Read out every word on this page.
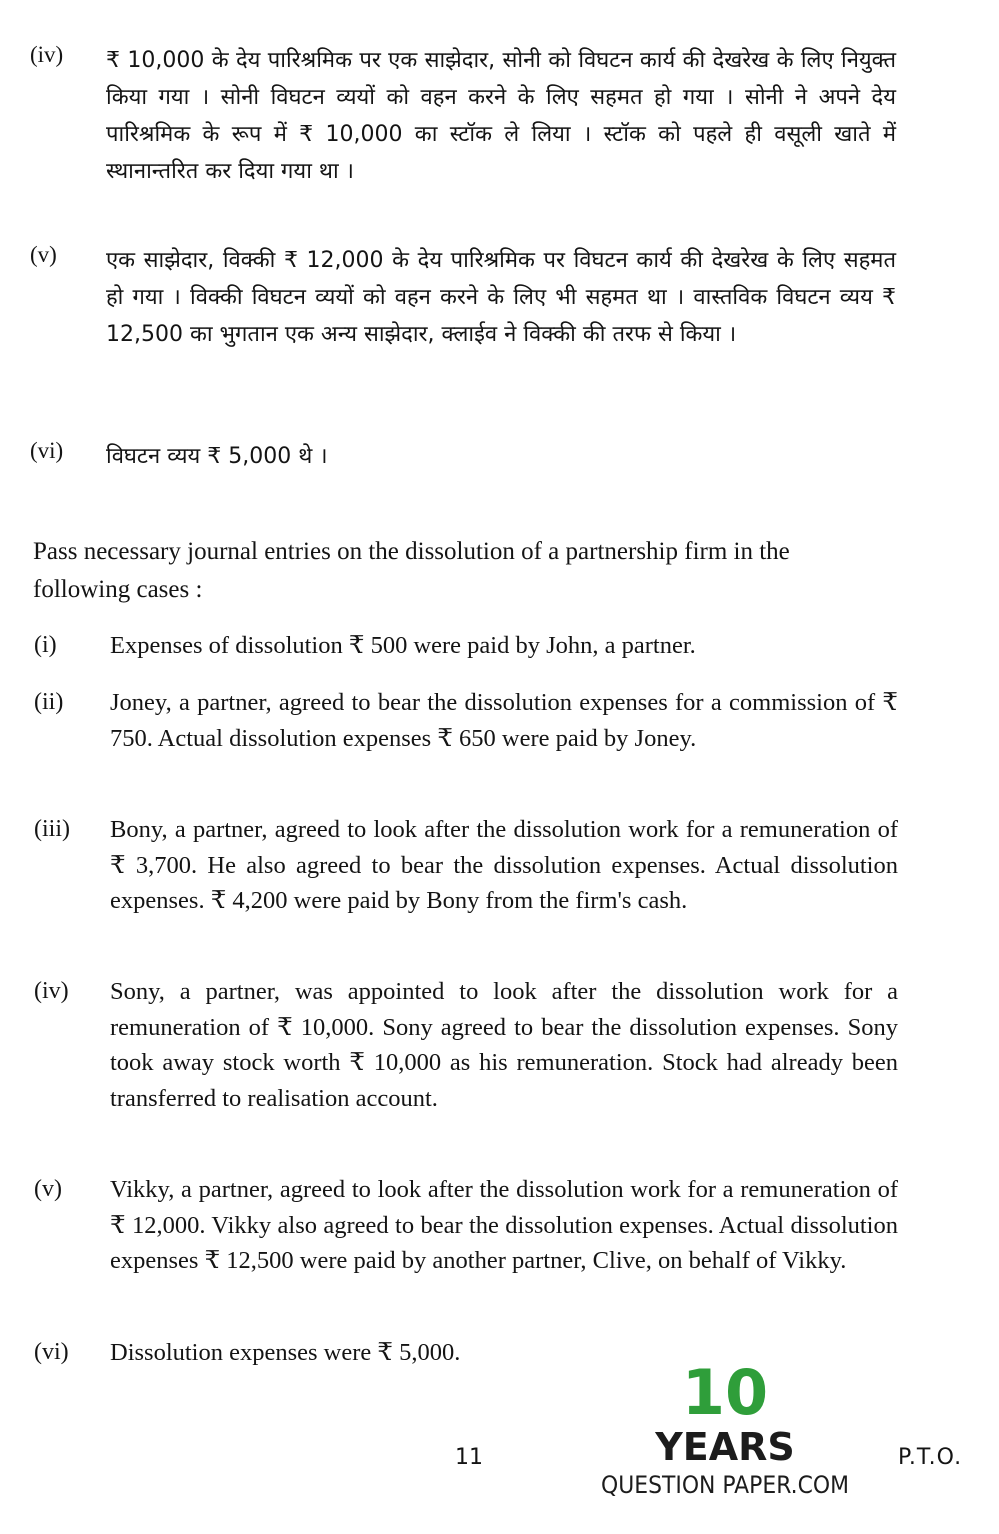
(iv) ₹ 10,000 के देय पारिश्रमिक पर एक साझेदार, सोनी को विघटन कार्य की देखरेख के लिए नियुक्त किया गया । सोनी विघटन व्ययों को वहन करने के लिए सहमत हो गया । सोनी ने अपने देय पारिश्रमिक के रूप में ₹ 10,000 का स्टॉक ले लिया । स्टॉक को पहले ही वसूली खाते में स्थानान्तरित कर दिया गया था ।
(v) एक साझेदार, विक्की ₹ 12,000 के देय पारिश्रमिक पर विघटन कार्य की देखरेख के लिए सहमत हो गया । विक्की विघटन व्ययों को वहन करने के लिए भी सहमत था । वास्तविक विघटन व्यय ₹ 12,500 का भुगतान एक अन्य साझेदार, क्लाईव ने विक्की की तरफ से किया ।
(vi) विघटन व्यय ₹ 5,000 थे ।
Pass necessary journal entries on the dissolution of a partnership firm in the following cases :
(i) Expenses of dissolution ₹ 500 were paid by John, a partner.
(ii) Joney, a partner, agreed to bear the dissolution expenses for a commission of ₹ 750. Actual dissolution expenses ₹ 650 were paid by Joney.
(iii) Bony, a partner, agreed to look after the dissolution work for a remuneration of ₹ 3,700. He also agreed to bear the dissolution expenses. Actual dissolution expenses. ₹ 4,200 were paid by Bony from the firm's cash.
(iv) Sony, a partner, was appointed to look after the dissolution work for a remuneration of ₹ 10,000. Sony agreed to bear the dissolution expenses. Sony took away stock worth ₹ 10,000 as his remuneration. Stock had already been transferred to realisation account.
(v) Vikky, a partner, agreed to look after the dissolution work for a remuneration of ₹ 12,000. Vikky also agreed to bear the dissolution expenses. Actual dissolution expenses ₹ 12,500 were paid by another partner, Clive, on behalf of Vikky.
(vi) Dissolution expenses were ₹ 5,000.
11	P.T.O.
10
YEARS
QUESTION PAPER.COM
